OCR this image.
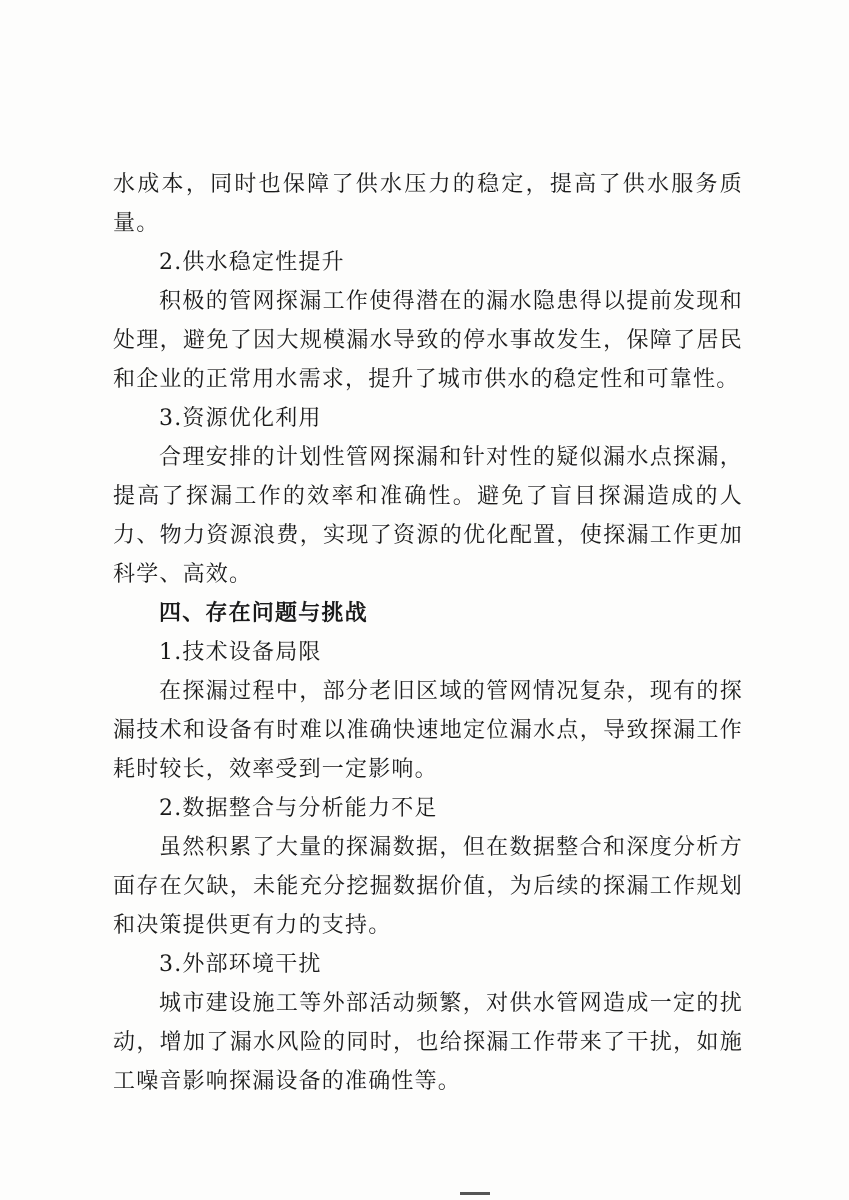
水成本，同时也保障了供水压力的稳定，提高了供水服务质量。

2.供水稳定性提升

积极的管网探漏工作使得潜在的漏水隐患得以提前发现和处理，避免了因大规模漏水导致的停水事故发生，保障了居民和企业的正常用水需求，提升了城市供水的稳定性和可靠性。

3.资源优化利用

合理安排的计划性管网探漏和针对性的疑似漏水点探漏，提高了探漏工作的效率和准确性。避免了盲目探漏造成的人力、物力资源浪费，实现了资源的优化配置，使探漏工作更加科学、高效。

四、存在问题与挑战

1.技术设备局限

在探漏过程中，部分老旧区域的管网情况复杂，现有的探漏技术和设备有时难以准确快速地定位漏水点，导致探漏工作耗时较长，效率受到一定影响。

2.数据整合与分析能力不足

虽然积累了大量的探漏数据，但在数据整合和深度分析方面存在欠缺，未能充分挖掘数据价值，为后续的探漏工作规划和决策提供更有力的支持。

3.外部环境干扰

城市建设施工等外部活动频繁，对供水管网造成一定的扰动，增加了漏水风险的同时，也给探漏工作带来了干扰，如施工噪音影响探漏设备的准确性等。
